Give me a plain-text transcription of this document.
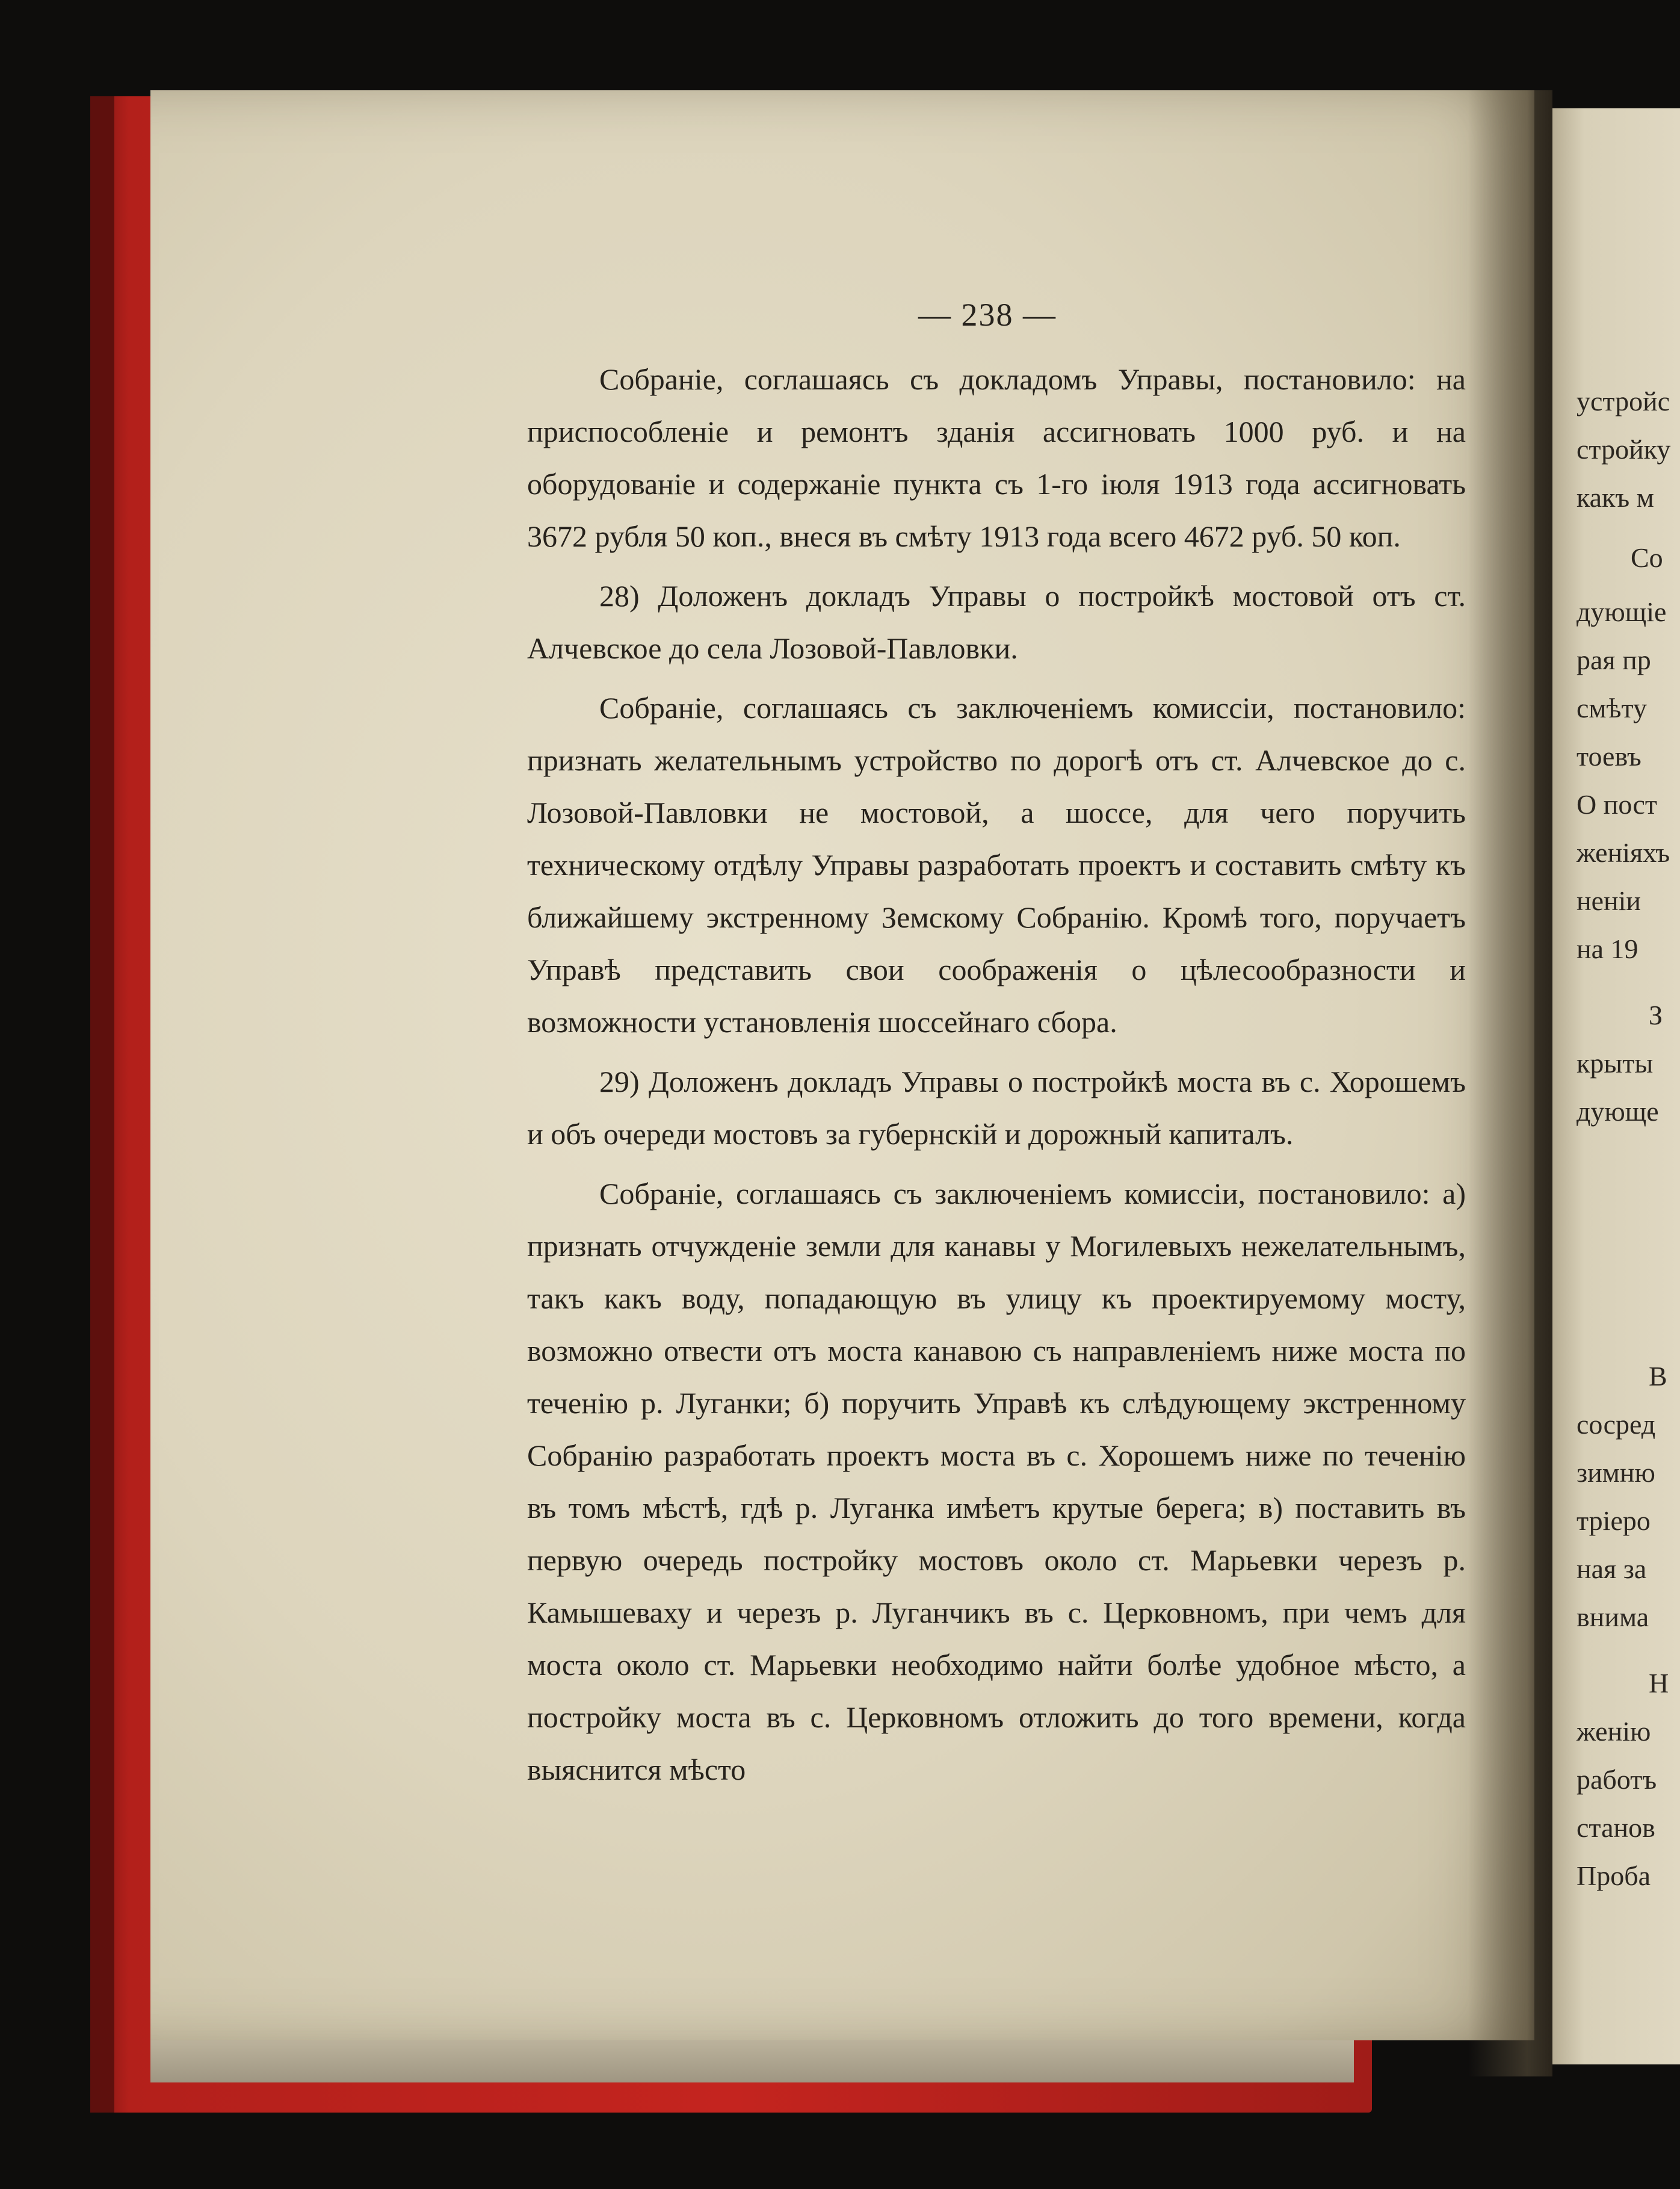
— 238 —

Собраніе, соглашаясь съ докладомъ Управы, постановило: на приспособленіе и ремонтъ зданія ассигновать 1000 руб. и на оборудованіе и содержаніе пункта съ 1-го іюля 1913 года ассигновать 3672 рубля 50 коп., внеся въ смѣту 1913 года всего 4672 руб. 50 коп.

28) Доложенъ докладъ Управы о постройкѣ мостовой отъ ст. Алчевское до села Лозовой-Павловки.

Собраніе, соглашаясь съ заключеніемъ комиссіи, постановило: признать желательнымъ устройство по дорогѣ отъ ст. Алчевское до с. Лозовой-Павловки не мостовой, а шоссе, для чего поручить техническому отдѣлу Управы разработать проектъ и составить смѣту къ ближайшему экстренному Земскому Собранію. Кромѣ того, поручаетъ Управѣ представить свои соображенія о цѣлесообразности и возможности установленія шоссейнаго сбора.

29) Доложенъ докладъ Управы о постройкѣ моста въ с. Хорошемъ и объ очереди мостовъ за губернскій и дорожный капиталъ.

Собраніе, соглашаясь съ заключеніемъ комиссіи, постановило: а) признать отчужденіе земли для канавы у Могилевыхъ нежелательнымъ, такъ какъ воду, попадающую въ улицу къ проектируемому мосту, возможно отвести отъ моста канавою съ направленіемъ ниже моста по теченію р. Луганки; б) поручить Управѣ къ слѣдующему экстренному Собранію разработать проектъ моста въ с. Хорошемъ ниже по теченію въ томъ мѣстѣ, гдѣ р. Луганка имѣетъ крутые берега; в) поставить въ первую очередь постройку мостовъ около ст. Марьевки черезъ р. Камышеваху и черезъ р. Луганчикъ въ с. Церковномъ, при чемъ для моста около ст. Марьевки необходимо найти болѣе удобное мѣсто, а постройку моста въ с. Церковномъ отложить до того времени, когда выяснится мѣсто

устройс
стройку
какъ м
Со
дующіе
рая пр
смѣту
тоевъ
О пост
женіяхъ
неніи
на 19
З
крыты
дующе
В
сосред
зимню
тріеро
ная за
внима
Н
женію
работъ
станов
Проба
